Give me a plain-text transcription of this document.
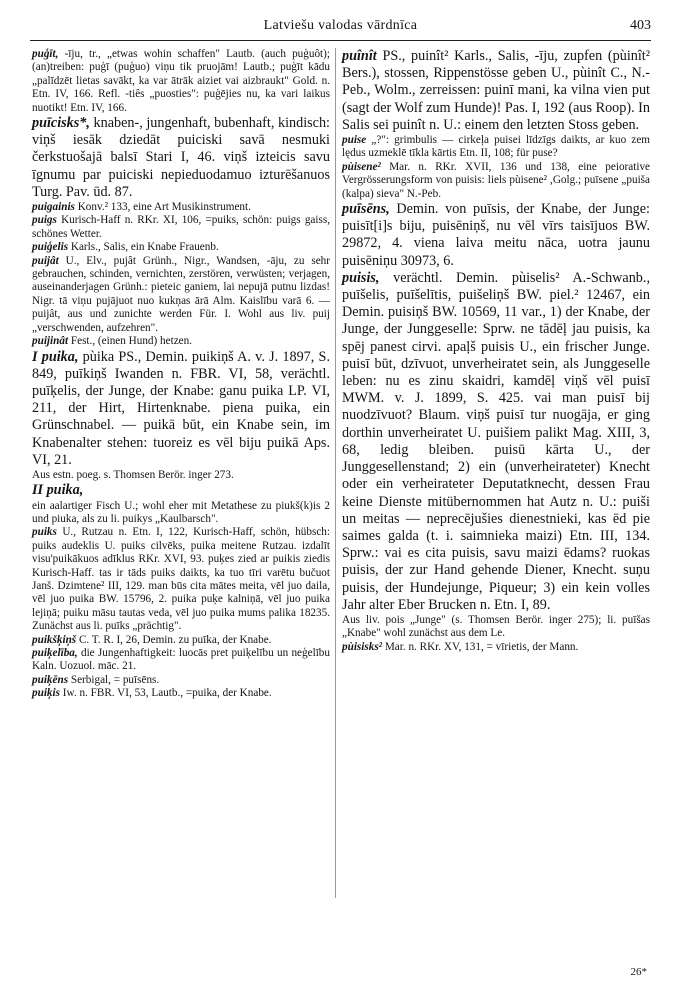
Latviešu valodas vārdnīca	403

puģīt, -īju, tr., „etwas wohin schaffen" Lautb. (auch puģuôt); (an)treiben: puģī (puģuo) viņu tik pruojām! Lautb.; puģīt kādu „palīdzēt lietas savākt, ka var ātrāk aiziet vai aizbraukt" Gold. n. Etn. IV, 166. Refl. -tiês „puosties": puģējies nu, ka vari laikus nuotikt! Etn. IV, 166.

puīcisks*, knaben-, jungenhaft, bubenhaft, kindisch: viņš iesāk dziedāt puiciski savā nesmuki čerkstuošajā balsī Stari I, 46. viņš izteicis savu īgnumu par puiciski nepieduodamuo izturēšanuos Turg. Pav. ūd. 87.

puigainis Konv.² 133, eine Art Musikinstrument.

puigs Kurisch-Haff n. RKr. XI, 106, =puiks, schön: puigs gaiss, schönes Wetter.

puiģelis Karls., Salis, ein Knabe Frauenb.

puijât U., Elv., pujât Grünh., Nigr., Wandsen, -āju, zu sehr gebrauchen, schinden, vernichten, zerstören, verwüsten; verjagen, auseinanderjagen Grünh.: pieteic ganiem, lai nepujā putnu lizdas! Nigr. tā viņu pujājuot nuo kukņas ārā Alm. Kaislību varā 6. — puijât, aus und zunichte werden Für. I. Wohl aus liv. puij „verschwenden, aufzehren".

puijinât Fest., (einen Hund) hetzen.

I puika, pùika PS., Demin. puikiņš A. v. J. 1897, S. 849, puīkiņš Iwanden n. FBR. VI, 58, verächtl. puīķelis, der Junge, der Knabe: ganu puika LP. VI, 211, der Hirt, Hirtenknabe. piena puika, ein Grünschnabel. — puikā būt, ein Knabe sein, im Knabenalter stehen: tuoreiz es vēl biju puikā Aps. VI, 21.

Aus estn. poeg. s. Thomsen Berör. inger 273.

II puika,

ein aalartiger Fisch U.; wohl eher mit Metathese zu piukš(k)is 2 und piuka, als zu li. puikys „Kaulbarsch".

puiks U., Rutzau n. Etn. I, 122, Kurisch-Haff, schön, hübsch: puiks audeklis U. puiks cilvēks, puika meitene Rutzau. izdalīt visu'puikākuos adīklus RKr. XVI, 93. puķes zied ar puikis ziedis Kurisch-Haff. tas ir tāds puiks daikts, ka tuo tīri varētu bučuot Janš. Dzimtene² III, 129. man būs cita mātes meita, vēl juo daila, vēl juo puika BW. 15796, 2. puika puķe kalniņā, vēl juo puika lejiņā; puiku māsu tautas veda, vēl juo puika mums palika 18235. Zunächst aus li. puīks „prächtig".

puikšķiņš C. T. R. I, 26, Demin. zu puīka, der Knabe.

puiķelība, die Jungenhaftigkeit: luocās pret puiķelību un neģelību Kaln. Uozuol. māc. 21.

puiķēns Serbigal, = puīsēns.

puiķis Iw. n. FBR. VI, 53, Lautb., =puika, der Knabe.

puînît PS., puinît² Karls., Salis, -īju, zupfen (pùinît² Bers.), stossen, Rippenstösse geben U., pùinît C., N.-Peb., Wolm., zerreissen: puinī mani, ka vilna vien put (sagt der Wolf zum Hunde)! Pas. I, 192 (aus Roop). In Salis sei puinît n. U.: einem den letzten Stoss geben.

puise „?": grimbulis — cirkeļa puisei līdzīgs daikts, ar kuo zem lędus uzmeklē tīkla kārtis Etn. II, 108; für puse?

pùisene² Mar. n. RKr. XVII, 136 und 138, eine peiorative Vergrösserungsform von puisis: liels pùisene² ,Golg.; puīsene „puiša (kalpa) sieva" N.-Peb.

puīsēns, Demin. von puīsis, der Knabe, der Junge: puisīt[i]s biju, puisēniņš, nu vēl vīrs taisījuos BW. 29872, 4. viena laiva meitu nāca, uotra jaunu puisēniņu 30973, 6.

puisis, verächtl. Demin. pùiselis² A.-Schwanb., puīšelis, puīšelītis, puišeliņš BW. piel.² 12467, ein Demin. puisiņš BW. 10569, 11 var., 1) der Knabe, der Junge, der Junggeselle: Sprw. ne tādēļ jau puisis, ka spēj panest cirvi. apaļš puisis U., ein frischer Junge. puisī būt, dzīvuot, unverheiratet sein, als Junggeselle leben: nu es zinu skaidri, kamdēļ viņš vēl puisī MWM. v. J. 1899, S. 425. vai man puisī bij nuodzīvuot? Blaum. viņš puisī tur nuogāja, er ging dorthin unverheiratet U. puišiem palikt Mag. XIII, 3, 68, ledig bleiben. puisū kārta U., der Junggesellenstand; 2) ein (unverheirateter) Knecht oder ein verheirateter Deputatknecht, dessen Frau keine Dienste mitübernommen hat Autz n. U.: puiši un meitas — neprecējušies dienestnieki, kas ēd pie saimes galda (t. i. saimnieka maizi) Etn. III, 134. Sprw.: vai es cita puisis, savu maizi ēdams? ruokas puisis, der zur Hand gehende Diener, Knecht. suņu puisis, der Hundejunge, Piqueur; 3) ein kein volles Jahr alter Eber Brucken n. Etn. I, 89.

Aus liv. pois „Junge" (s. Thomsen Berör. inger 275); li. puīšas „Knabe" wohl zunächst aus dem Le.

pùisisks² Mar. n. RKr. XV, 131, = vīrietis, der Mann.

26*
